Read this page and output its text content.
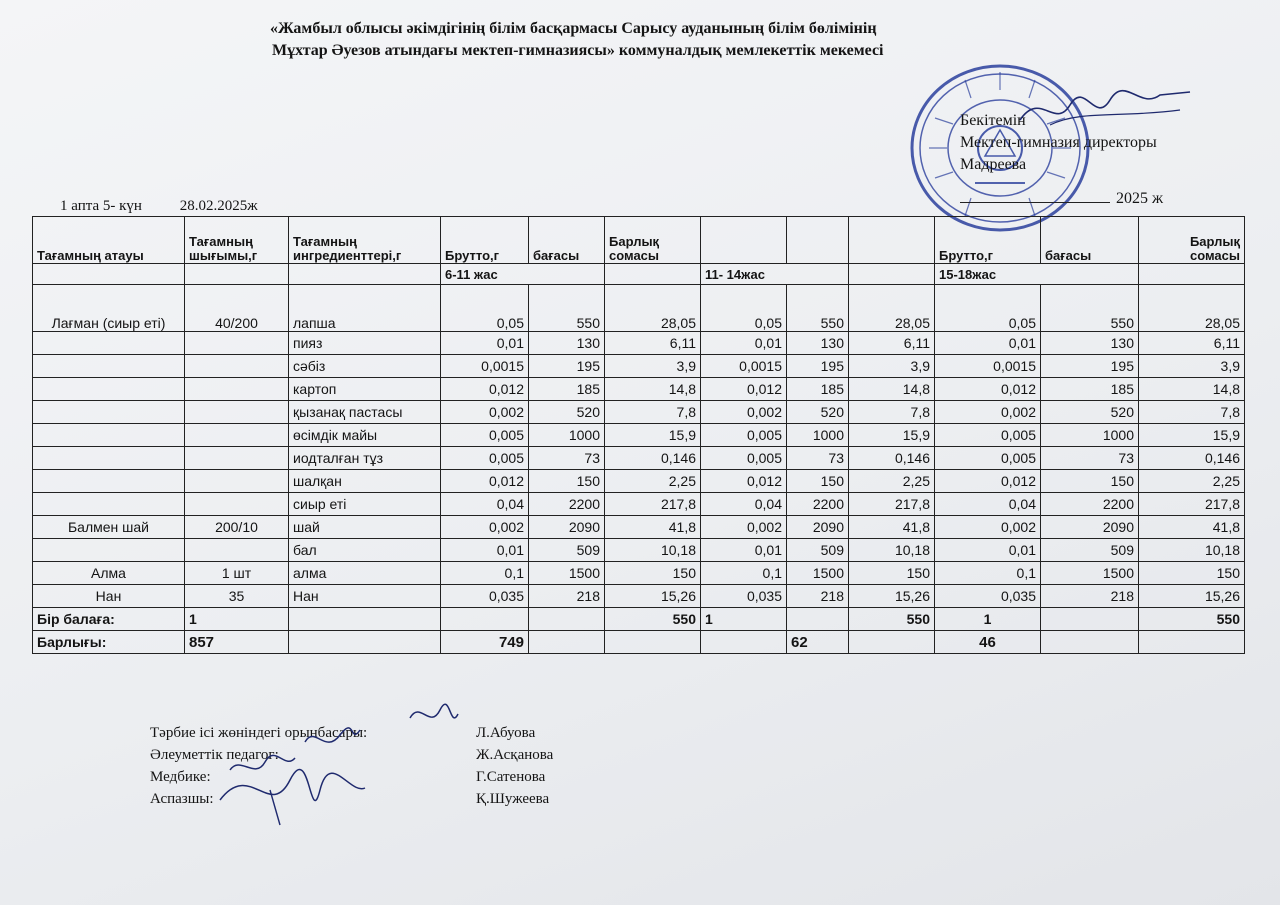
«Жамбыл облысы әкімдігінің білім басқармасы Сарысу ауданының білім бөлімінің
Мұхтар Әуезов атындағы мектеп-гимназиясы» коммуналдық мемлекеттік мекемесі
Бекітемін
Мектеп-гимназия директоры
Мадреева
2025 ж
1 апта 5- күн	28.02.2025ж
Тағамның атауы	Тағамның шығымы,г	Тағамның ингредиенттері,г	Брутто,г	бағасы	Барлық сомасы				Брутто,г	бағасы	Барлық сомасы
			6-11 жас			11- 14жас			15-18жас		
Лағман (сиыр еті)	40/200	лапша	0,05	550	28,05	0,05	550	28,05	0,05	550	28,05
		пияз	0,01	130	6,11	0,01	130	6,11	0,01	130	6,11
		сәбіз	0,0015	195	3,9	0,0015	195	3,9	0,0015	195	3,9
		картоп	0,012	185	14,8	0,012	185	14,8	0,012	185	14,8
		қызанақ пастасы	0,002	520	7,8	0,002	520	7,8	0,002	520	7,8
		өсімдік майы	0,005	1000	15,9	0,005	1000	15,9	0,005	1000	15,9
		иодталған тұз	0,005	73	0,146	0,005	73	0,146	0,005	73	0,146
		шалқан	0,012	150	2,25	0,012	150	2,25	0,012	150	2,25
		сиыр еті	0,04	2200	217,8	0,04	2200	217,8	0,04	2200	217,8
Балмен шай	200/10	шай	0,002	2090	41,8	0,002	2090	41,8	0,002	2090	41,8
		бал	0,01	509	10,18	0,01	509	10,18	0,01	509	10,18
Алма	1 шт	алма	0,1	1500	150	0,1	1500	150	0,1	1500	150
Нан	35	Нан	0,035	218	15,26	0,035	218	15,26	0,035	218	15,26
Бір балаға:	1				550	1		550	1		550
Барлығы:	857		749				62		46		
Тәрбие ісі жөніндегі орынбасары:	Л.Абуова
Әлеуметтік педагог:	Ж.Асқанова
Медбике:	Г.Сатенова
Аспазшы:	Қ.Шужеева
